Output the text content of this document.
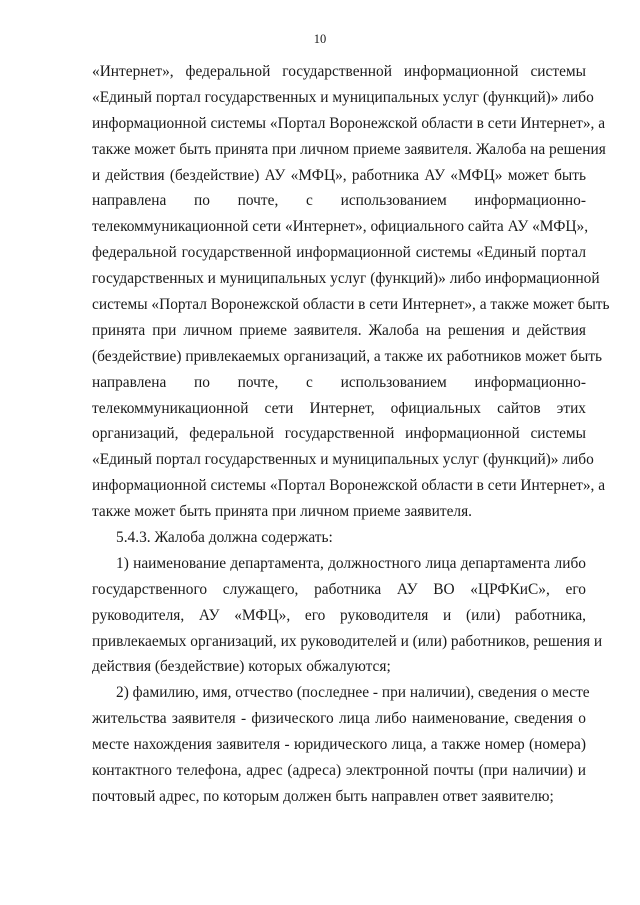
10
«Интернет», федеральной государственной информационной системы
«Единый портал государственных и муниципальных услуг (функций)» либо
информационной системы «Портал Воронежской области в сети Интернет», а
также может быть принята при личном приеме заявителя. Жалоба на решения
и действия (бездействие) АУ «МФЦ», работника АУ «МФЦ» может быть
направлена по почте, с использованием информационно-
телекоммуникационной сети «Интернет», официального сайта АУ «МФЦ»,
федеральной государственной информационной системы «Единый портал
государственных и муниципальных услуг (функций)» либо информационной
системы «Портал Воронежской области в сети Интернет», а также может быть
принята при личном приеме заявителя. Жалоба на решения и действия
(бездействие) привлекаемых организаций, а также их работников может быть
направлена по почте, с использованием информационно-
телекоммуникационной сети Интернет, официальных сайтов этих
организаций, федеральной государственной информационной системы
«Единый портал государственных и муниципальных услуг (функций)» либо
информационной системы «Портал Воронежской области в сети Интернет», а
также может быть принята при личном приеме заявителя.
5.4.3. Жалоба должна содержать:
1) наименование департамента, должностного лица департамента либо
государственного служащего, работника АУ ВО «ЦРФКиС», его
руководителя, АУ «МФЦ», его руководителя и (или) работника,
привлекаемых организаций, их руководителей и (или) работников, решения и
действия (бездействие) которых обжалуются;
2) фамилию, имя, отчество (последнее - при наличии), сведения о месте
жительства заявителя - физического лица либо наименование, сведения о
месте нахождения заявителя - юридического лица, а также номер (номера)
контактного телефона, адрес (адреса) электронной почты (при наличии) и
почтовый адрес, по которым должен быть направлен ответ заявителю;
